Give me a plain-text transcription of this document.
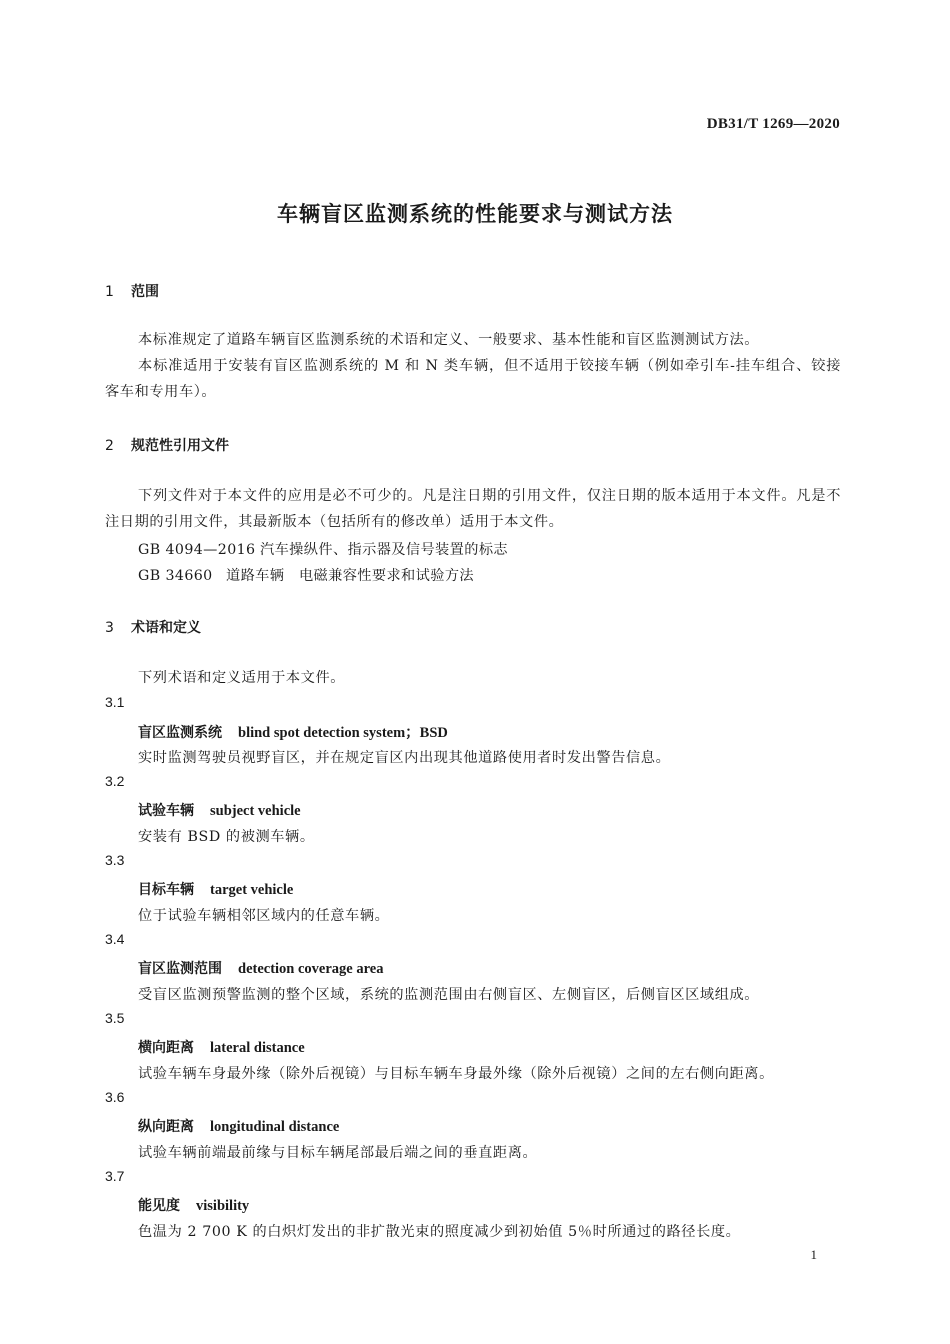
DB31/T 1269—2020
车辆盲区监测系统的性能要求与测试方法
1 范围
本标准规定了道路车辆盲区监测系统的术语和定义、一般要求、基本性能和盲区监测测试方法。
本标准适用于安装有盲区监测系统的 M 和 N 类车辆，但不适用于铰接车辆（例如牵引车-挂车组合、铰接客车和专用车）。
2 规范性引用文件
下列文件对于本文件的应用是必不可少的。凡是注日期的引用文件，仅注日期的版本适用于本文件。凡是不注日期的引用文件，其最新版本（包括所有的修改单）适用于本文件。
GB 4094—2016 汽车操纵件、指示器及信号装置的标志
GB 34660 道路车辆　电磁兼容性要求和试验方法
3 术语和定义
下列术语和定义适用于本文件。
3.1
盲区监测系统 blind spot detection system；BSD
实时监测驾驶员视野盲区，并在规定盲区内出现其他道路使用者时发出警告信息。
3.2
试验车辆 subject vehicle
安装有 BSD 的被测车辆。
3.3
目标车辆 target vehicle
位于试验车辆相邻区域内的任意车辆。
3.4
盲区监测范围 detection coverage area
受盲区监测预警监测的整个区域，系统的监测范围由右侧盲区、左侧盲区，后侧盲区区域组成。
3.5
横向距离 lateral distance
试验车辆车身最外缘（除外后视镜）与目标车辆车身最外缘（除外后视镜）之间的左右侧向距离。
3.6
纵向距离 longitudinal distance
试验车辆前端最前缘与目标车辆尾部最后端之间的垂直距离。
3.7
能见度 visibility
色温为 2 700 K 的白炽灯发出的非扩散光束的照度减少到初始值 5％时所通过的路径长度。
1
